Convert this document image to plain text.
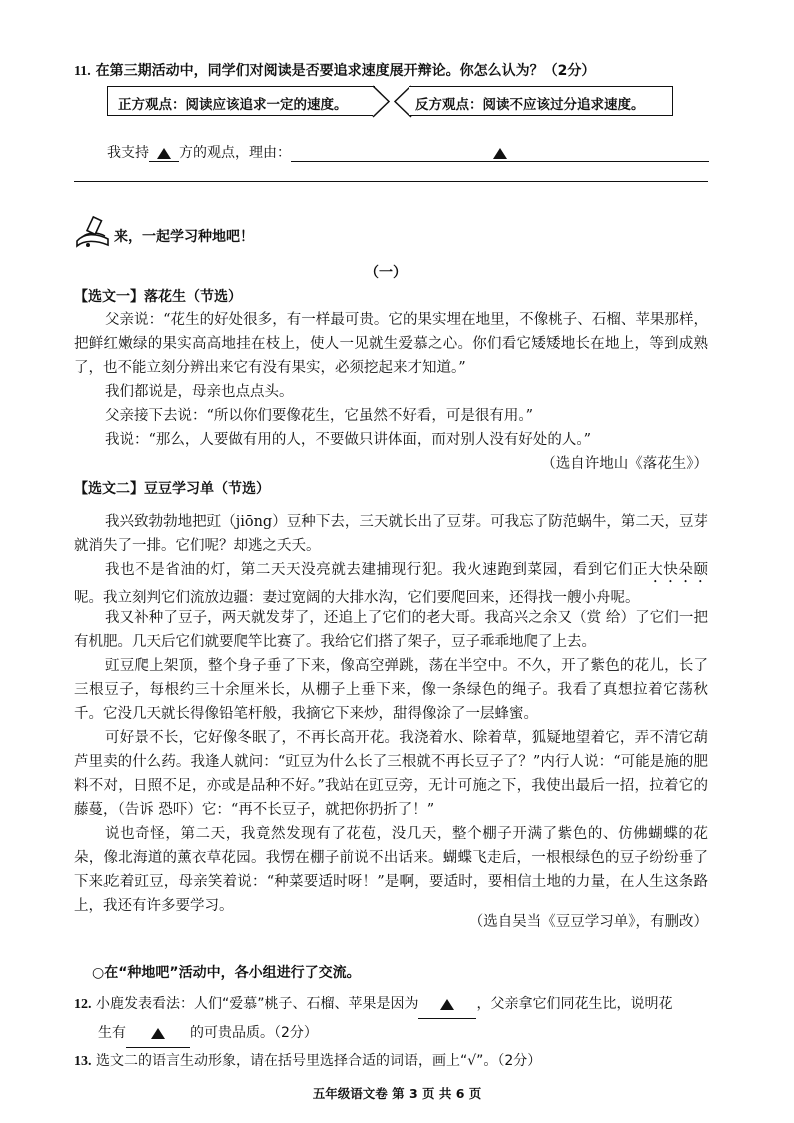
11. 在第三期活动中，同学们对阅读是否要追求速度展开辩论。你怎么认为？（2分）
正方观点：阅读应该追求一定的速度。	反方观点：阅读不应该过分追求速度。
我支持 方的观点，理由：
来，一起学习种地吧！
（一）
【选文一】落花生（节选）
父亲说：“花生的好处很多，有一样最可贵。它的果实埋在地里，不像桃子、石榴、苹果那样，把鲜红嫩绿的果实高高地挂在枝上，使人一见就生爱慕之心。你们看它矮矮地长在地上，等到成熟了，也不能立刻分辨出来它有没有果实，必须挖起来才知道。”
我们都说是，母亲也点点头。
父亲接下去说：“所以你们要像花生，它虽然不好看，可是很有用。”
我说：“那么，人要做有用的人，不要做只讲体面，而对别人没有好处的人。”
（选自许地山《落花生》）
【选文二】豆豆学习单（节选）
我兴致勃勃地把豇（jiōng）豆种下去，三天就长出了豆芽。可我忘了防范蜗牛，第二天，豆芽就消失了一排。它们呢？却逃之夭夭。
我也不是省油的灯，第二天天没亮就去建捕现行犯。我火速跑到菜园，看到它们正大快朵颐呢。我立刻判它们流放边疆：妻过宽阔的大排水沟，它们要爬回来，还得找一艘小舟呢。
我又补种了豆子，两天就发芽了，还追上了它们的老大哥。我高兴之余又（赏 给）了它们一把有机肥。几天后它们就要爬竿比赛了。我给它们搭了架子，豆子乖乖地爬了上去。
豇豆爬上架顶，整个身子垂了下来，像高空弹跳，荡在半空中。不久，开了紫色的花儿，长了三根豆子，每根约三十余厘米长，从棚子上垂下来，像一条绿色的绳子。我看了真想拉着它荡秋千。它没几天就长得像铅笔杆般，我摘它下来炒，甜得像涂了一层蜂蜜。
可好景不长，它好像冬眠了，不再长高开花。我浇着水、除着草，狐疑地望着它，弄不清它葫芦里卖的什么药。我逢人就问：“豇豆为什么长了三根就不再长豆子了？”内行人说：“可能是施的肥料不对，日照不足，亦或是品种不好。”我站在豇豆旁，无计可施之下，我使出最后一招，拉着它的藤蔓，（告诉 恐吓）它：“再不长豆子，就把你扔折了！”
说也奇怪，第二天，我竟然发现有了花苞，没几天，整个棚子开满了紫色的、仿佛蝴蝶的花朵，像北海道的薰衣草花园。我愣在棚子前说不出话来。蝴蝶飞走后，一根根绿色的豆子纷纷垂了下来。
吃着豇豆，母亲笑着说：“种菜要适时呀！”是啊，要适时，要相信土地的力量，在人生这条路上，我还有许多要学习。
（选自吴当《豆豆学习单》，有删改）
○在“种地吧”活动中，各小组进行了交流。
12. 小鹿发表看法：人们“爱慕”桃子、石榴、苹果是因为	，父亲拿它们同花生比，说明花
生有	的可贵品质。（2分）
13. 选文二的语言生动形象，请在括号里选择合适的词语，画上“√”。（2分）
五年级语文卷 第 3 页 共 6 页
